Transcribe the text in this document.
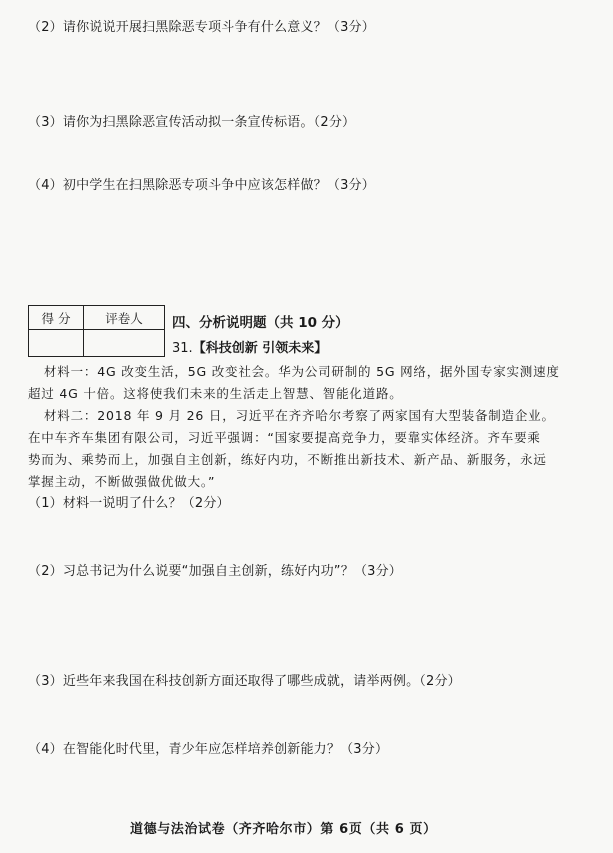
（2）请你说说开展扫黑除恶专项斗争有什么意义？（3分）
（3）请你为扫黑除恶宣传活动拟一条宣传标语。（2分）
（4）初中学生在扫黑除恶专项斗争中应该怎样做？（3分）
得 分	评卷人
	四、分析说明题（共 10 分）
31.【科技创新 引领未来】
材料一：4G 改变生活，5G 改变社会。华为公司研制的 5G 网络，据外国专家实测速度
超过 4G 十倍。这将使我们未来的生活走上智慧、智能化道路。
材料二：2018 年 9 月 26 日，习近平在齐齐哈尔考察了两家国有大型装备制造企业。
在中车齐车集团有限公司，习近平强调：“国家要提高竞争力，要靠实体经济。齐车要乘
势而为、乘势而上，加强自主创新，练好内功，不断推出新技术、新产品、新服务，永远
掌握主动，不断做强做优做大。”
（1）材料一说明了什么？（2分）
（2）习总书记为什么说要“加强自主创新，练好内功”？（3分）
（3）近些年来我国在科技创新方面还取得了哪些成就，请举两例。（2分）
（4）在智能化时代里，青少年应怎样培养创新能力？（3分）
道德与法治试卷（齐齐哈尔市）第 6页（共 6 页）
